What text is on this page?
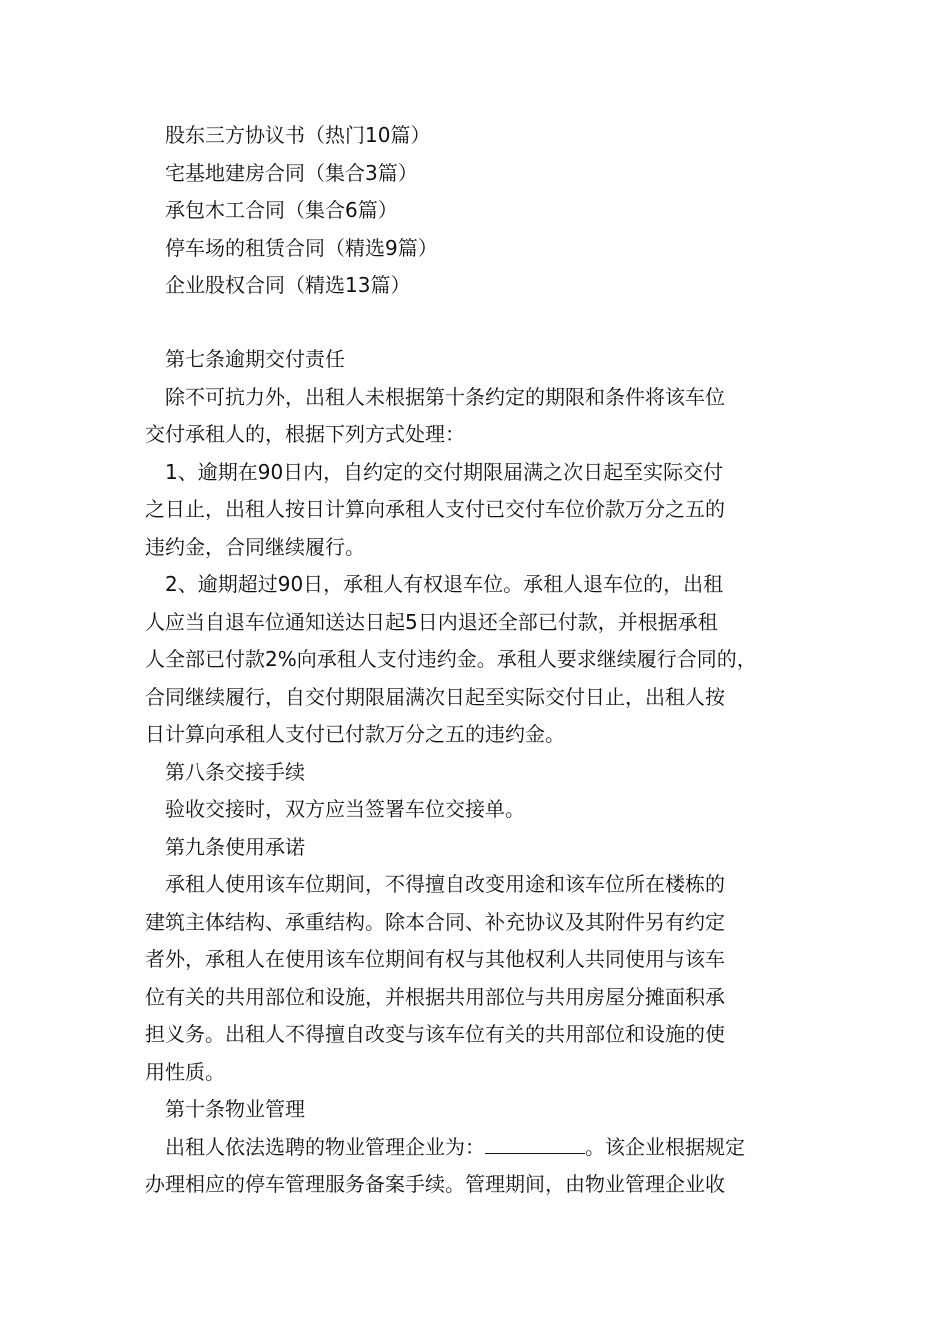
股东三方协议书（热门10篇）
宅基地建房合同（集合3篇）
承包木工合同（集合6篇）
停车场的租赁合同（精选9篇）
企业股权合同（精选13篇）
第七条逾期交付责任
除不可抗力外，出租人未根据第十条约定的期限和条件将该车位
交付承租人的，根据下列方式处理：
1、逾期在90日内，自约定的交付期限届满之次日起至实际交付
之日止，出租人按日计算向承租人支付已交付车位价款万分之五的
违约金，合同继续履行。
2、逾期超过90日，承租人有权退车位。承租人退车位的，出租
人应当自退车位通知送达日起5日内退还全部已付款，并根据承租
人全部已付款2%向承租人支付违约金。承租人要求继续履行合同的，
合同继续履行，自交付期限届满次日起至实际交付日止，出租人按
日计算向承租人支付已付款万分之五的违约金。
第八条交接手续
验收交接时，双方应当签署车位交接单。
第九条使用承诺
承租人使用该车位期间，不得擅自改变用途和该车位所在楼栋的
建筑主体结构、承重结构。除本合同、补充协议及其附件另有约定
者外，承租人在使用该车位期间有权与其他权利人共同使用与该车
位有关的共用部位和设施，并根据共用部位与共用房屋分摊面积承
担义务。出租人不得擅自改变与该车位有关的共用部位和设施的使
用性质。
第十条物业管理
出租人依法选聘的物业管理企业为：	。该企业根据规定
办理相应的停车管理服务备案手续。管理期间，由物业管理企业收
